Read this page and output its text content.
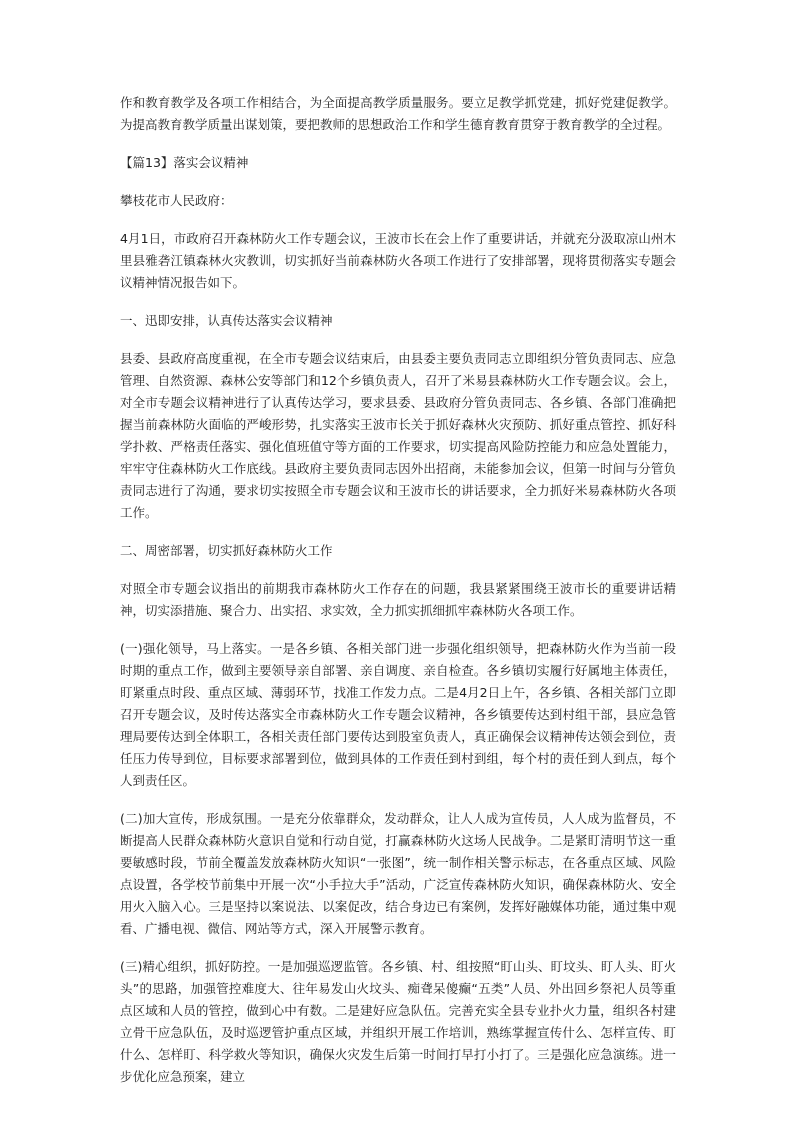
作和教育教学及各项工作相结合，为全面提高教学质量服务。要立足教学抓党建，抓好党建促教学。为提高教育教学质量出谋划策，要把教师的思想政治工作和学生德育教育贯穿于教育教学的全过程。

【篇13】落实会议精神

攀枝花市人民政府：

4月1日，市政府召开森林防火工作专题会议，王波市长在会上作了重要讲话，并就充分汲取凉山州木里县雅砻江镇森林火灾教训，切实抓好当前森林防火各项工作进行了安排部署，现将贯彻落实专题会议精神情况报告如下。

一、迅即安排，认真传达落实会议精神

县委、县政府高度重视，在全市专题会议结束后，由县委主要负责同志立即组织分管负责同志、应急管理、自然资源、森林公安等部门和12个乡镇负责人，召开了米易县森林防火工作专题会议。会上，对全市专题会议精神进行了认真传达学习，要求县委、县政府分管负责同志、各乡镇、各部门准确把握当前森林防火面临的严峻形势，扎实落实王波市长关于抓好森林火灾预防、抓好重点管控、抓好科学扑救、严格责任落实、强化值班值守等方面的工作要求，切实提高风险防控能力和应急处置能力，牢牢守住森林防火工作底线。县政府主要负责同志因外出招商，未能参加会议，但第一时间与分管负责同志进行了沟通，要求切实按照全市专题会议和王波市长的讲话要求，全力抓好米易森林防火各项工作。

二、周密部署，切实抓好森林防火工作

对照全市专题会议指出的前期我市森林防火工作存在的问题，我县紧紧围绕王波市长的重要讲话精神，切实添措施、聚合力、出实招、求实效，全力抓实抓细抓牢森林防火各项工作。

(一)强化领导，马上落实。一是各乡镇、各相关部门进一步强化组织领导，把森林防火作为当前一段时期的重点工作，做到主要领导亲自部署、亲自调度、亲自检查。各乡镇切实履行好属地主体责任，盯紧重点时段、重点区域、薄弱环节，找准工作发力点。二是4月2日上午，各乡镇、各相关部门立即召开专题会议，及时传达落实全市森林防火工作专题会议精神，各乡镇要传达到村组干部，县应急管理局要传达到全体职工，各相关责任部门要传达到股室负责人，真正确保会议精神传达领会到位，责任压力传导到位，目标要求部署到位，做到具体的工作责任到村到组，每个村的责任到人到点，每个人到责任区。

(二)加大宣传，形成氛围。一是充分依靠群众，发动群众，让人人成为宣传员，人人成为监督员，不断提高人民群众森林防火意识自觉和行动自觉，打赢森林防火这场人民战争。二是紧盯清明节这一重要敏感时段，节前全覆盖发放森林防火知识“一张图”，统一制作相关警示标志，在各重点区域、风险点设置，各学校节前集中开展一次“小手拉大手”活动，广泛宣传森林防火知识，确保森林防火、安全用火入脑入心。三是坚持以案说法、以案促改，结合身边已有案例，发挥好融媒体功能，通过集中观看、广播电视、微信、网站等方式，深入开展警示教育。

(三)精心组织，抓好防控。一是加强巡逻监管。各乡镇、村、组按照“盯山头、盯坟头、盯人头、盯火头”的思路，加强管控难度大、往年易发山火坟头、痴聋呆傻癫“五类”人员、外出回乡祭祀人员等重点区域和人员的管控，做到心中有数。二是建好应急队伍。完善充实全县专业扑火力量，组织各村建立骨干应急队伍，及时巡逻管护重点区域，并组织开展工作培训，熟练掌握宣传什么、怎样宣传、盯什么、怎样盯、科学救火等知识，确保火灾发生后第一时间打早打小打了。三是强化应急演练。进一步优化应急预案，建立
